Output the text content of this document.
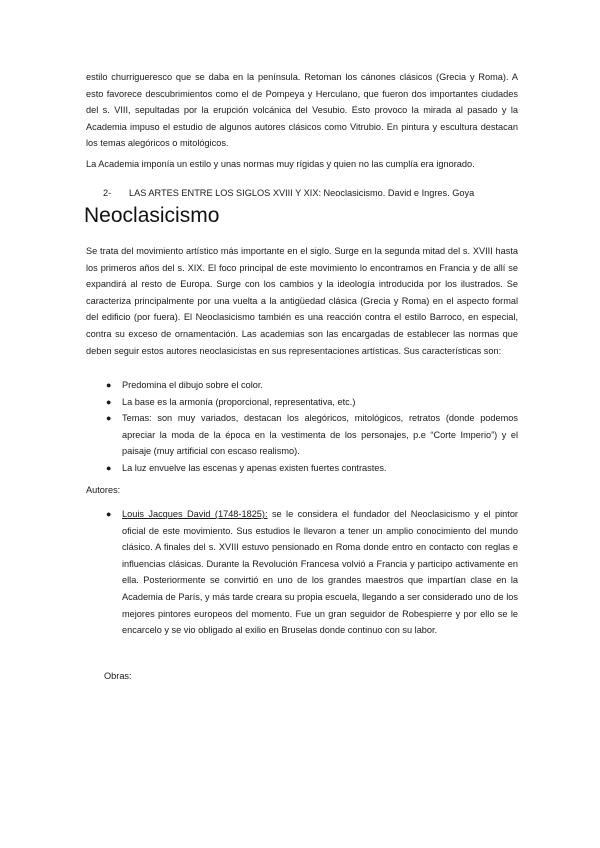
estilo churrigueresco que se daba en la península. Retoman los cánones clásicos (Grecia y Roma). A esto favorece descubrimientos como el de Pompeya y Herculano, que fueron dos importantes ciudades del s. VIII, sepultadas por la erupción volcánica del Vesubio. Esto provoco la mirada al pasado y la Academia impuso el estudio de algunos autores clásicos como Vitrubio. En pintura y escultura destacan los temas alegóricos o mitológicos.

La Academia imponía un estilo y unas normas muy rígidas y quien no las cumplía era ignorado.

2- LAS ARTES ENTRE LOS SIGLOS XVIII Y XIX: Neoclasicismo. David e Ingres. Goya
Neoclasicismo

Se trata del movimiento artístico más importante en el siglo. Surge en la segunda mitad del s. XVIII hasta los primeros años del s. XIX. El foco principal de este movimiento lo encontramos en Francia y de allí se expandirá al resto de Europa. Surge con los cambios y la ideología introducida por los ilustrados. Se caracteriza principalmente por una vuelta a la antigüedad clásica (Grecia y Roma) en el aspecto formal del edificio (por fuera). El Neoclasicismo también es una reacción contra el estilo Barroco, en especial, contra su exceso de ornamentación. Las academias son las encargadas de establecer las normas que deben seguir estos autores neoclasicistas en sus representaciones artísticas. Sus características son:

● Predomina el dibujo sobre el color.
● La base es la armonía (proporcional, representativa, etc.)
● Temas: son muy variados, destacan los alegóricos, mitológicos, retratos (donde podemos apreciar la moda de la época en la vestimenta de los personajes, p.e “Corte Imperio”) y el paisaje (muy artificial con escaso realismo).
● La luz envuelve las escenas y apenas existen fuertes contrastes.

Autores:

●	Louis Jacques David (1748-1825): se le considera el fundador del Neoclasicismo y el pintor oficial de este movimiento. Sus estudios le llevaron a tener un amplio conocimiento del mundo clásico. A finales del s. XVIII estuvo pensionado en Roma donde entro en contacto con reglas e influencias clásicas. Durante la Revolución Francesa volvió a Francia y participo activamente en ella. Posteriormente se convirtió en uno de los grandes maestros que impartían clase en la Academia de París, y más tarde creara su propia escuela, llegando a ser considerado uno de los mejores pintores europeos del momento. Fue un gran seguidor de Robespierre y por ello se le encarcelo y se vio obligado al exilio en Bruselas donde continuo con su labor.

Obras:
